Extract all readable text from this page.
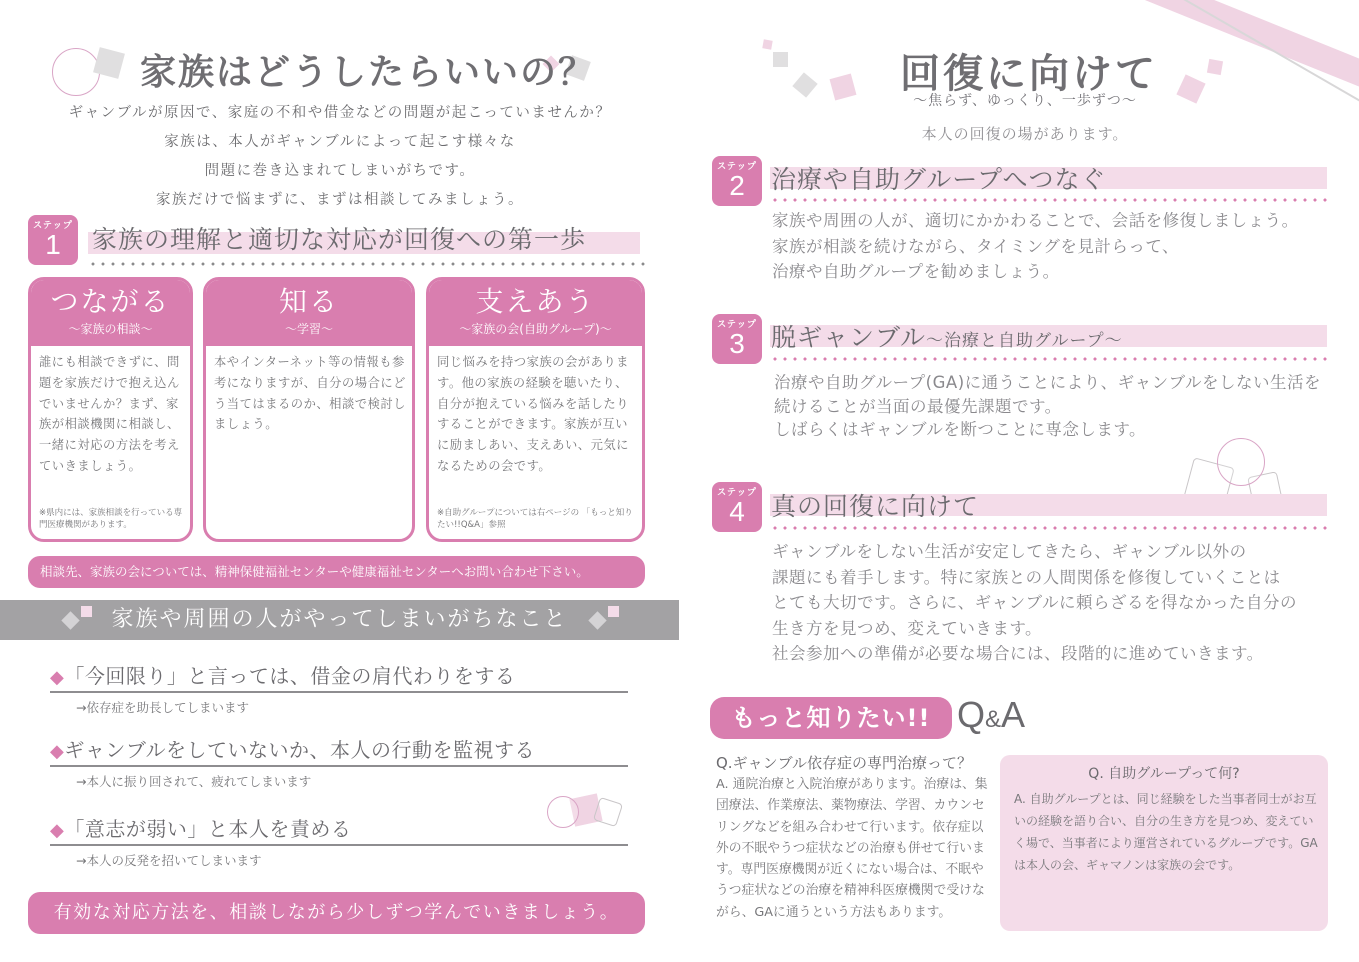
家族はどうしたらいいの？
ギャンブルが原因で、家庭の不和や借金などの問題が起こっていませんか？
家族は、本人がギャンブルによって起こす様々な
問題に巻き込まれてしまいがちです。
家族だけで悩まずに、まずは相談してみましょう。
ステップ
1	家族の理解と適切な対応が回復への第一歩
つながる
～家族の相談～
誰にも相談できずに、問題を家族だけで抱え込んでいませんか？まず、家族が相談機関に相談し、一緒に対応の方法を考えていきましょう。
※県内には、家族相談を行っている専門医療機関があります。
知る
～学習～
本やインターネット等の情報も参考になりますが、自分の場合にどう当てはまるのか、相談で検討しましょう。
支えあう
～家族の会(自助グループ)～
同じ悩みを持つ家族の会があります。他の家族の経験を聴いたり、自分が抱えている悩みを話したりすることができます。家族が互いに励ましあい、支えあい、元気になるための会です。
※自助グループについては右ページの 「もっと知りたい!!Q&A」参照
相談先、家族の会については、精神保健福祉センターや健康福祉センターへお問い合わせ下さい。
家族や周囲の人がやってしまいがちなこと
◆「今回限り」と言っては、借金の肩代わりをする
→依存症を助長してしまいます
◆ギャンブルをしていないか、本人の行動を監視する
→本人に振り回されて、疲れてしまいます
◆「意志が弱い」と本人を責める
→本人の反発を招いてしまいます
有効な対応方法を、相談しながら少しずつ学んでいきましょう。
回復に向けて
～焦らず、ゆっくり、一歩ずつ～
本人の回復の場があります。
ステップ
2	治療や自助グループへつなぐ
家族や周囲の人が、適切にかかわることで、会話を修復しましょう。
家族が相談を続けながら、タイミングを見計らって、
治療や自助グループを勧めましょう。
ステップ
3	脱ギャンブル～治療と自助グループ～
治療や自助グループ(GA)に通うことにより、ギャンブルをしない生活を
続けることが当面の最優先課題です。
しばらくはギャンブルを断つことに専念します。
ステップ
4	真の回復に向けて
ギャンブルをしない生活が安定してきたら、ギャンブル以外の
課題にも着手します。特に家族との人間関係を修復していくことは
とても大切です。さらに、ギャンブルに頼らざるを得なかった自分の
生き方を見つめ、変えていきます。
社会参加への準備が必要な場合には、段階的に進めていきます。
もっと知りたい!! Q&A
Q.ギャンブル依存症の専門治療って？
A. 通院治療と入院治療があります。治療は、集団療法、作業療法、薬物療法、学習、カウンセリングなどを組み合わせて行います。依存症以外の不眠やうつ症状などの治療も併せて行います。専門医療機関が近くにない場合は、不眠やうつ症状などの治療を精神科医療機関で受けながら、GAに通うという方法もあります。
Q. 自助グループって何?
A. 自助グループとは、同じ経験をした当事者同士がお互いの経験を語り合い、自分の生き方を見つめ、変えていく場で、当事者により運営されているグループです。GAは本人の会、ギャマノンは家族の会です。
